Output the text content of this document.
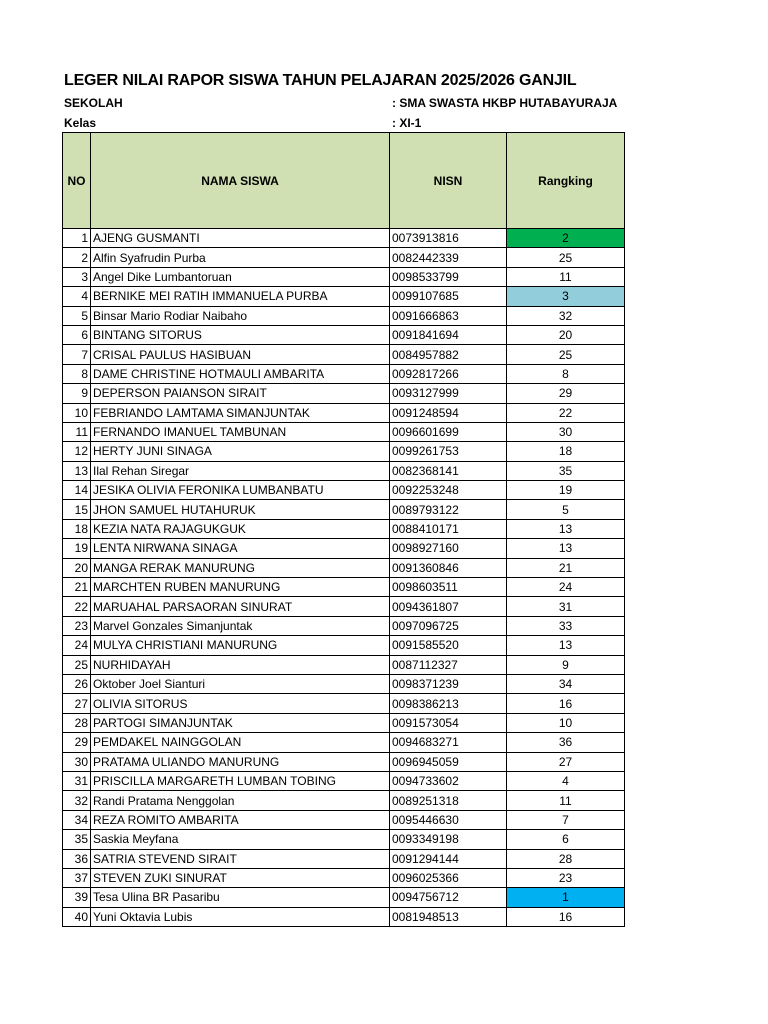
LEGER NILAI RAPOR SISWA TAHUN PELAJARAN 2025/2026 GANJIL
SEKOLAH	: SMA SWASTA HKBP HUTABAYURAJA
Kelas	: XI-1
NO	NAMA SISWA	NISN	Rangking
1	AJENG GUSMANTI	0073913816	2
2	Alfin Syafrudin Purba	0082442339	25
3	Angel Dike Lumbantoruan	0098533799	11
4	BERNIKE MEI RATIH IMMANUELA PURBA	0099107685	3
5	Binsar Mario Rodiar Naibaho	0091666863	32
6	BINTANG SITORUS	0091841694	20
7	CRISAL PAULUS HASIBUAN	0084957882	25
8	DAME CHRISTINE HOTMAULI AMBARITA	0092817266	8
9	DEPERSON PAIANSON SIRAIT	0093127999	29
10	FEBRIANDO LAMTAMA SIMANJUNTAK	0091248594	22
11	FERNANDO IMANUEL TAMBUNAN	0096601699	30
12	HERTY JUNI SINAGA	0099261753	18
13	Ilal Rehan Siregar	0082368141	35
14	JESIKA OLIVIA FERONIKA LUMBANBATU	0092253248	19
15	JHON SAMUEL HUTAHURUK	0089793122	5
18	KEZIA NATA RAJAGUKGUK	0088410171	13
19	LENTA NIRWANA SINAGA	0098927160	13
20	MANGA RERAK MANURUNG	0091360846	21
21	MARCHTEN RUBEN MANURUNG	0098603511	24
22	MARUAHAL PARSAORAN SINURAT	0094361807	31
23	Marvel Gonzales Simanjuntak	0097096725	33
24	MULYA CHRISTIANI MANURUNG	0091585520	13
25	NURHIDAYAH	0087112327	9
26	Oktober Joel Sianturi	0098371239	34
27	OLIVIA SITORUS	0098386213	16
28	PARTOGI SIMANJUNTAK	0091573054	10
29	PEMDAKEL NAINGGOLAN	0094683271	36
30	PRATAMA ULIANDO MANURUNG	0096945059	27
31	PRISCILLA MARGARETH LUMBAN TOBING	0094733602	4
32	Randi Pratama Nenggolan	0089251318	11
34	REZA ROMITO AMBARITA	0095446630	7
35	Saskia Meyfana	0093349198	6
36	SATRIA STEVEND SIRAIT	0091294144	28
37	STEVEN ZUKI SINURAT	0096025366	23
39	Tesa Ulina BR Pasaribu	0094756712	1
40	Yuni Oktavia Lubis	0081948513	16
